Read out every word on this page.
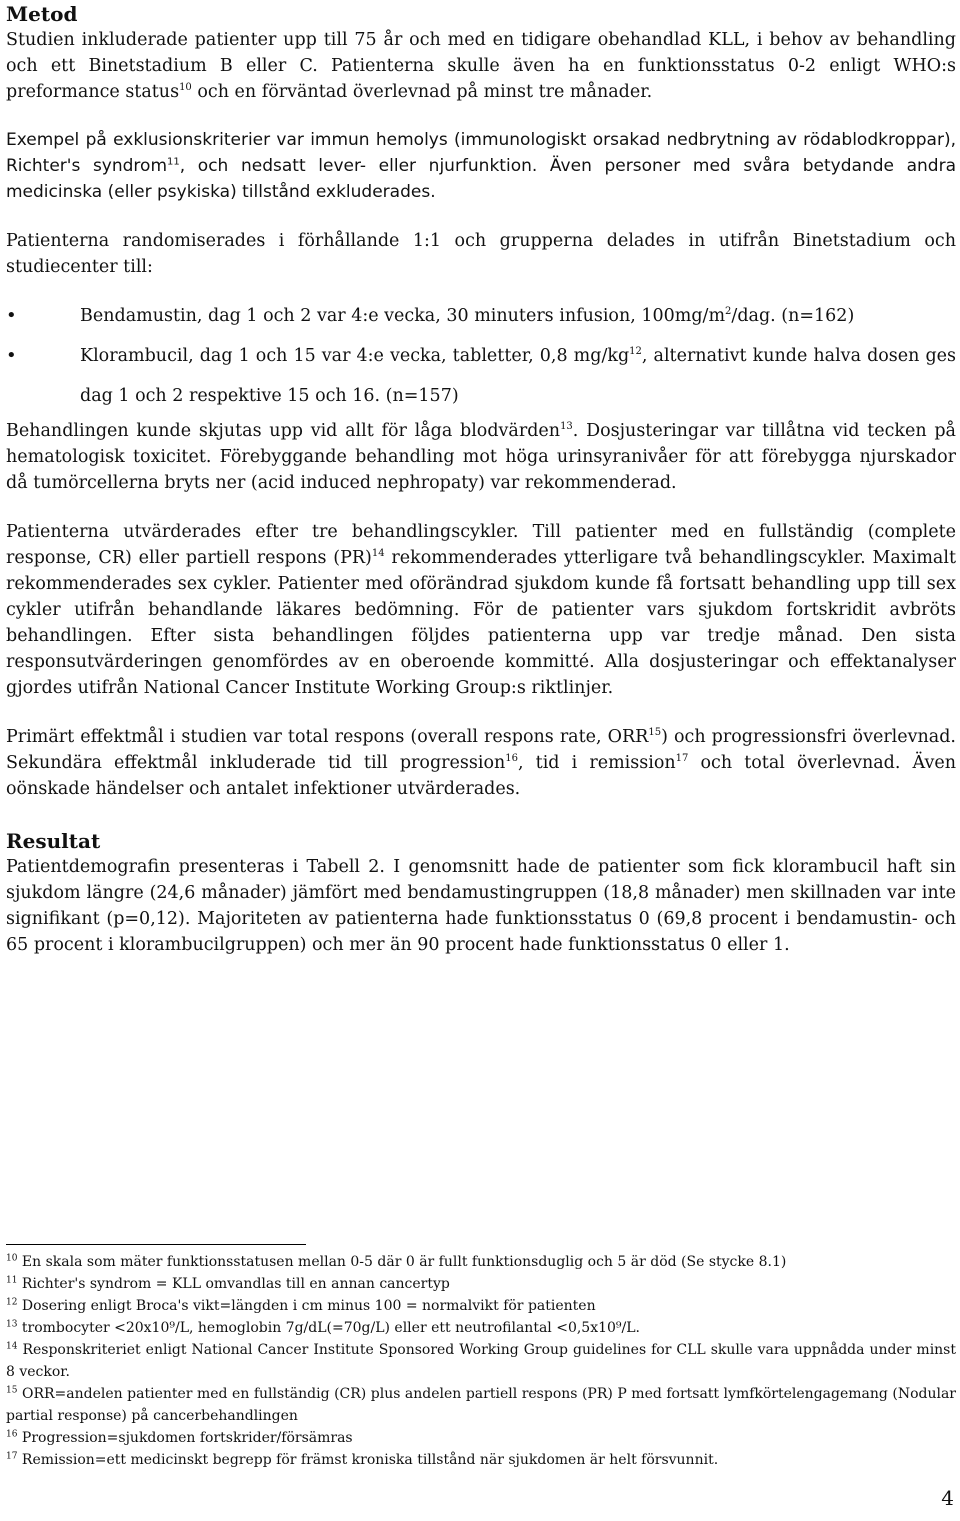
Metod

Studien inkluderade patienter upp till 75 år och med en tidigare obehandlad KLL, i behov av behandling och ett Binetstadium B eller C. Patienterna skulle även ha en funktionsstatus 0-2 enligt WHO:s preformance status$^{10}$ och en förväntad överlevnad på minst tre månader.

Exempel på exklusionskriterier var immun hemolys (immunologiskt orsakad nedbrytning av rödablodkroppar), Richter's syndrom$^{11}$, och nedsatt lever- eller njurfunktion. Även personer med svåra betydande andra medicinska (eller psykiska) tillstånd exkluderades.

Patienterna randomiserades i förhållande 1:1 och grupperna delades in utifrån Binetstadium och studiecenter till:

•	Bendamustin, dag 1 och 2 var 4:e vecka, 30 minuters infusion, $100mg/m^2$/dag. (n=162)
•	Klorambucil, dag 1 och 15 var 4:e vecka, tabletter, 0,8 $mg/kg^{12}$, alternativt kunde halva dosen ges dag 1 och 2 respektive 15 och 16. (n=157)

Behandlingen kunde skjutas upp vid allt för låga blodvärden$^{13}$. Dosjusteringar var tillåtna vid tecken på hematologisk toxicitet. Förebyggande behandling mot höga urinsyranivåer för att förebygga njurskador då tumörcellerna bryts ner (acid induced nephropaty) var rekommenderad.

Patienterna utvärderades efter tre behandlingscykler. Till patienter med en fullständig (complete response, CR) eller partiell respons (PR)$^{14}$ rekommenderades ytterligare två behandlingscykler. Maximalt rekommenderades sex cykler. Patienter med oförändrad sjukdom kunde få fortsatt behandling upp till sex cykler utifrån behandlande läkares bedömning. För de patienter vars sjukdom fortskridit avbröts behandlingen. Efter sista behandlingen följdes patienterna upp var tredje månad. Den sista responsutvärderingen genomfördes av en oberoende kommitté. Alla dosjusteringar och effektanalyser gjordes utifrån National Cancer Institute Working Group:s riktlinjer.

Primärt effektmål i studien var total respons (overall respons rate, ORR$^{15}$) och progressionsfri överlevnad. Sekundära effektmål inkluderade tid till progression$^{16}$, tid i remission$^{17}$ och total överlevnad. Även oönskade händelser och antalet infektioner utvärderades.

Resultat

Patientdemografin presenteras i Tabell 2. I genomsnitt hade de patienter som fick klorambucil haft sin sjukdom längre (24,6 månader) jämfört med bendamustingruppen (18,8 månader) men skillnaden var inte signifikant (p=0,12). Majoriteten av patienterna hade funktionsstatus 0 (69,8 procent i bendamustin- och 65 procent i klorambucilgruppen) och mer än 90 procent hade funktionsstatus 0 eller 1.

$^{10}$ En skala som mäter funktionsstatusen mellan 0-5 där 0 är fullt funktionsduglig och 5 är död (Se stycke 8.1)

$^{11}$ Richter's syndrom = KLL omvandlas till en annan cancertyp

$^{12}$ Dosering enligt Broca's vikt=längden i cm minus 100 = normalvikt för patienten

$^{13}$ trombocyter <20x10⁹/L, hemoglobin 7g/dL(=70g/L) eller ett neutrofilantal <0,5x10⁹/L.

$^{14}$ Responskriteriet enligt National Cancer Institute Sponsored Working Group guidelines for CLL skulle vara uppnådda under minst 8 veckor.

$^{15}$ ORR=andelen patienter med en fullständig (CR) plus andelen partiell respons (PR) P med fortsatt lymfkörtelengagemang (Nodular partial response) på cancerbehandlingen

$^{16}$ Progression=sjukdomen fortskrider/försämras

$^{17}$ Remission=ett medicinskt begrepp för främst kroniska tillstånd när sjukdomen är helt försvunnit.

4
